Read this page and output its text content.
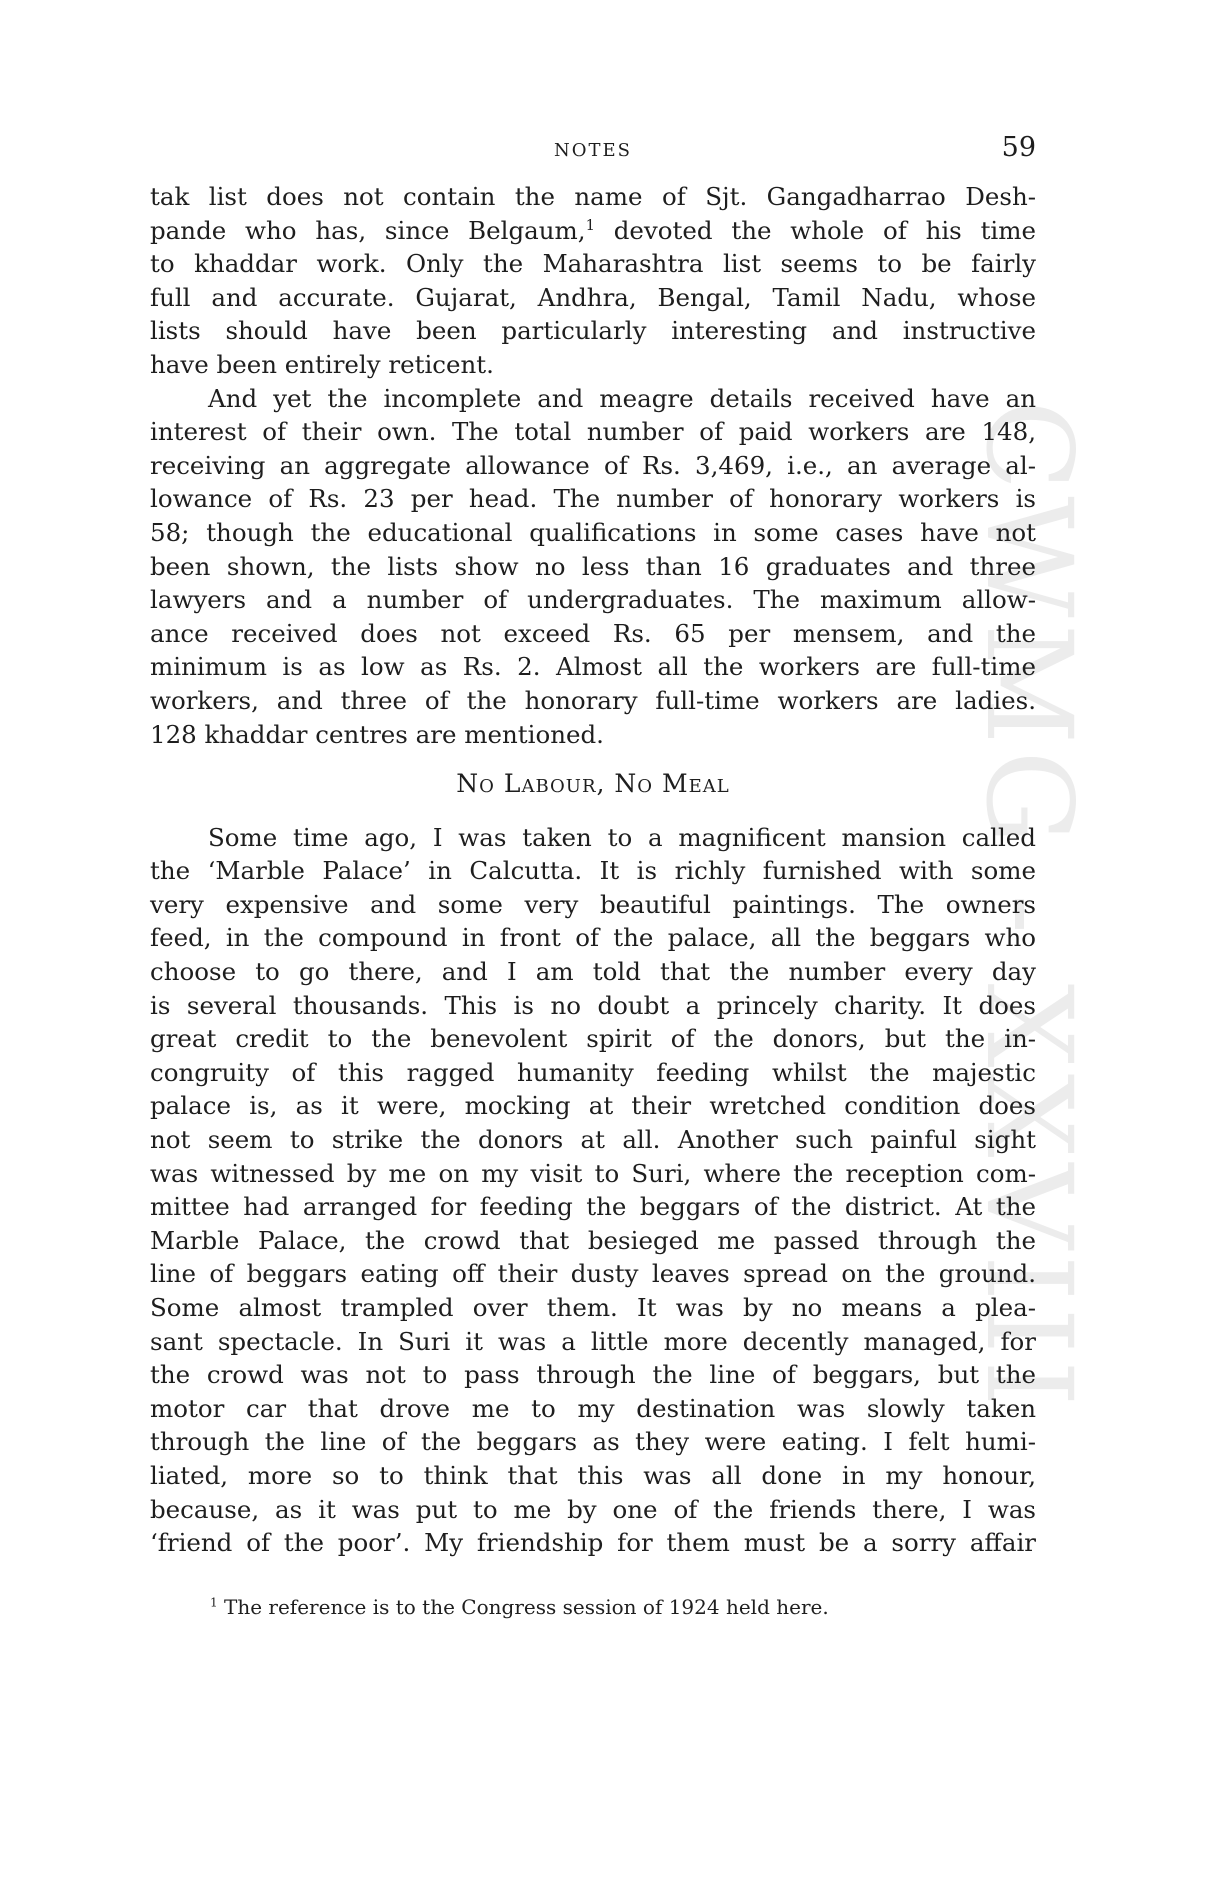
CWMG - XXVIII
NOTES	59
tak list does not contain the name of Sjt. Gangadharrao Desh-
pande who has, since Belgaum,$^1$ devoted the whole of his time
to khaddar work. Only the Maharashtra list seems to be fairly
full and accurate. Gujarat, Andhra, Bengal, Tamil Nadu, whose
lists should have been particularly interesting and instructive
have been entirely reticent.
And yet the incomplete and meagre details received have an
interest of their own. The total number of paid workers are 148,
receiving an aggregate allowance of Rs. 3,469, i.e., an average al-
lowance of Rs. 23 per head. The number of honorary workers is
58; though the educational qualifications in some cases have not
been shown, the lists show no less than 16 graduates and three
lawyers and a number of undergraduates. The maximum allow-
ance received does not exceed Rs. 65 per mensem, and the
minimum is as low as Rs. 2. Almost all the workers are full-time
workers, and three of the honorary full-time workers are ladies.
128 khaddar centres are mentioned.
No Labour, No Meal
Some time ago, I was taken to a magnificent mansion called
the ‘Marble Palace’ in Calcutta. It is richly furnished with some
very expensive and some very beautiful paintings. The owners
feed, in the compound in front of the palace, all the beggars who
choose to go there, and I am told that the number every day
is several thousands. This is no doubt a princely charity. It does
great credit to the benevolent spirit of the donors, but the in-
congruity of this ragged humanity feeding whilst the majestic
palace is, as it were, mocking at their wretched condition does
not seem to strike the donors at all. Another such painful sight
was witnessed by me on my visit to Suri, where the reception com-
mittee had arranged for feeding the beggars of the district. At the
Marble Palace, the crowd that besieged me passed through the
line of beggars eating off their dusty leaves spread on the ground.
Some almost trampled over them. It was by no means a plea-
sant spectacle. In Suri it was a little more decently managed, for
the crowd was not to pass through the line of beggars, but the
motor car that drove me to my destination was slowly taken
through the line of the beggars as they were eating. I felt humi-
liated, more so to think that this was all done in my honour,
because, as it was put to me by one of the friends there, I was
‘friend of the poor’. My friendship for them must be a sorry affair
$^1$ The reference is to the Congress session of 1924 held here.
